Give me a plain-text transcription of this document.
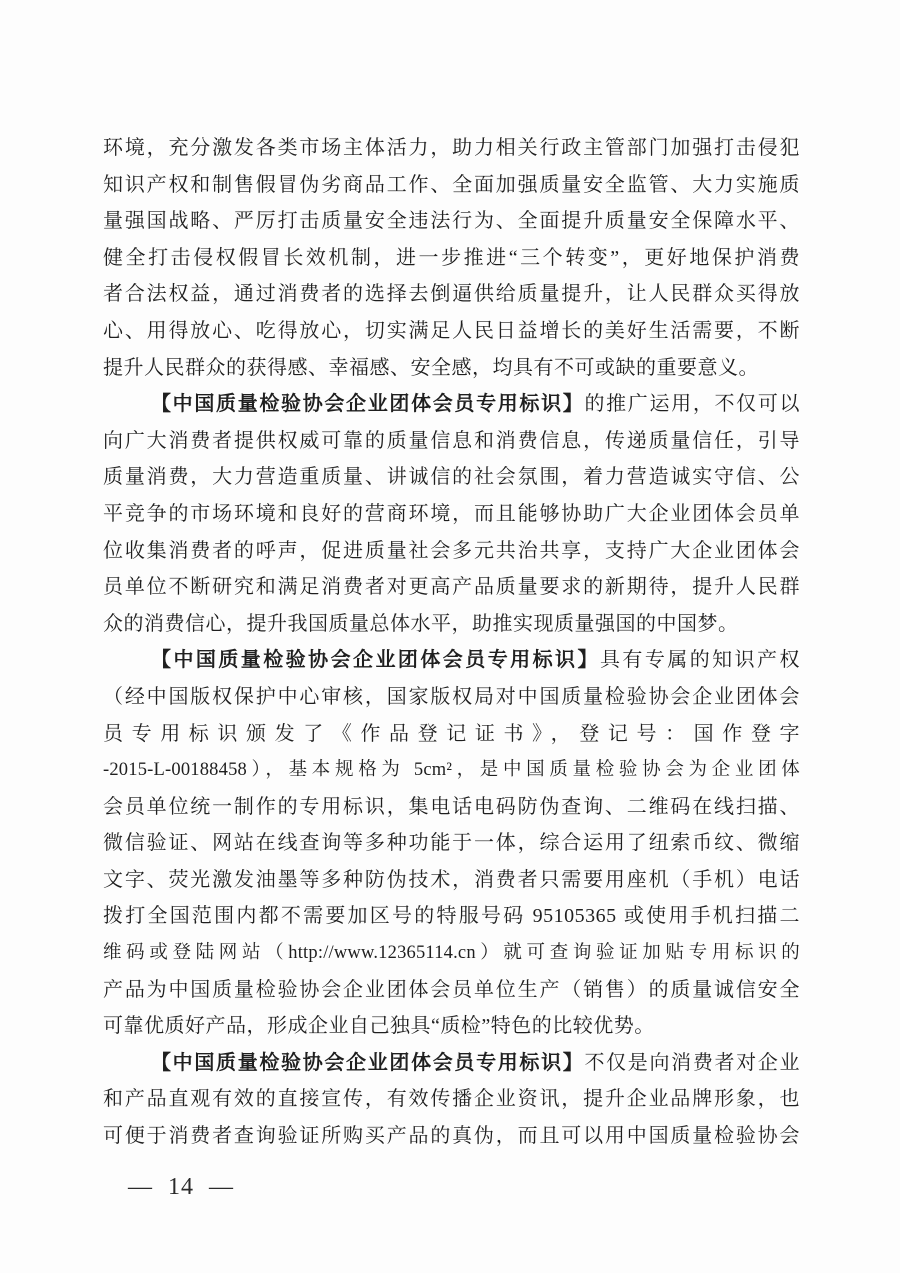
环境，充分激发各类市场主体活力，助力相关行政主管部门加强打击侵犯
知识产权和制售假冒伪劣商品工作、全面加强质量安全监管、大力实施质
量强国战略、严厉打击质量安全违法行为、全面提升质量安全保障水平、
健全打击侵权假冒长效机制，进一步推进“三个转变”，更好地保护消费
者合法权益，通过消费者的选择去倒逼供给质量提升，让人民群众买得放
心、用得放心、吃得放心，切实满足人民日益增长的美好生活需要，不断
提升人民群众的获得感、幸福感、安全感，均具有不可或缺的重要意义。
【中国质量检验协会企业团体会员专用标识】的推广运用，不仅可以
向广大消费者提供权威可靠的质量信息和消费信息，传递质量信任，引导
质量消费，大力营造重质量、讲诚信的社会氛围，着力营造诚实守信、公
平竞争的市场环境和良好的营商环境，而且能够协助广大企业团体会员单
位收集消费者的呼声，促进质量社会多元共治共享，支持广大企业团体会
员单位不断研究和满足消费者对更高产品质量要求的新期待，提升人民群
众的消费信心，提升我国质量总体水平，助推实现质量强国的中国梦。
【中国质量检验协会企业团体会员专用标识】具有专属的知识产权
（经中国版权保护中心审核，国家版权局对中国质量检验协会企业团体会
员专用标识颁发了《作品登记证书》，登记号：国作登字
-2015-L-00188458），基本规格为 5cm²，是中国质量检验协会为企业团体
会员单位统一制作的专用标识，集电话电码防伪查询、二维码在线扫描、
微信验证、网站在线查询等多种功能于一体，综合运用了纽索币纹、微缩
文字、荧光激发油墨等多种防伪技术，消费者只需要用座机（手机）电话
拨打全国范围内都不需要加区号的特服号码 95105365 或使用手机扫描二
维码或登陆网站（http://www.12365114.cn）就可查询验证加贴专用标识的
产品为中国质量检验协会企业团体会员单位生产（销售）的质量诚信安全
可靠优质好产品，形成企业自己独具“质检”特色的比较优势。
【中国质量检验协会企业团体会员专用标识】不仅是向消费者对企业
和产品直观有效的直接宣传，有效传播企业资讯，提升企业品牌形象，也
可便于消费者查询验证所购买产品的真伪，而且可以用中国质量检验协会
— 14 —
